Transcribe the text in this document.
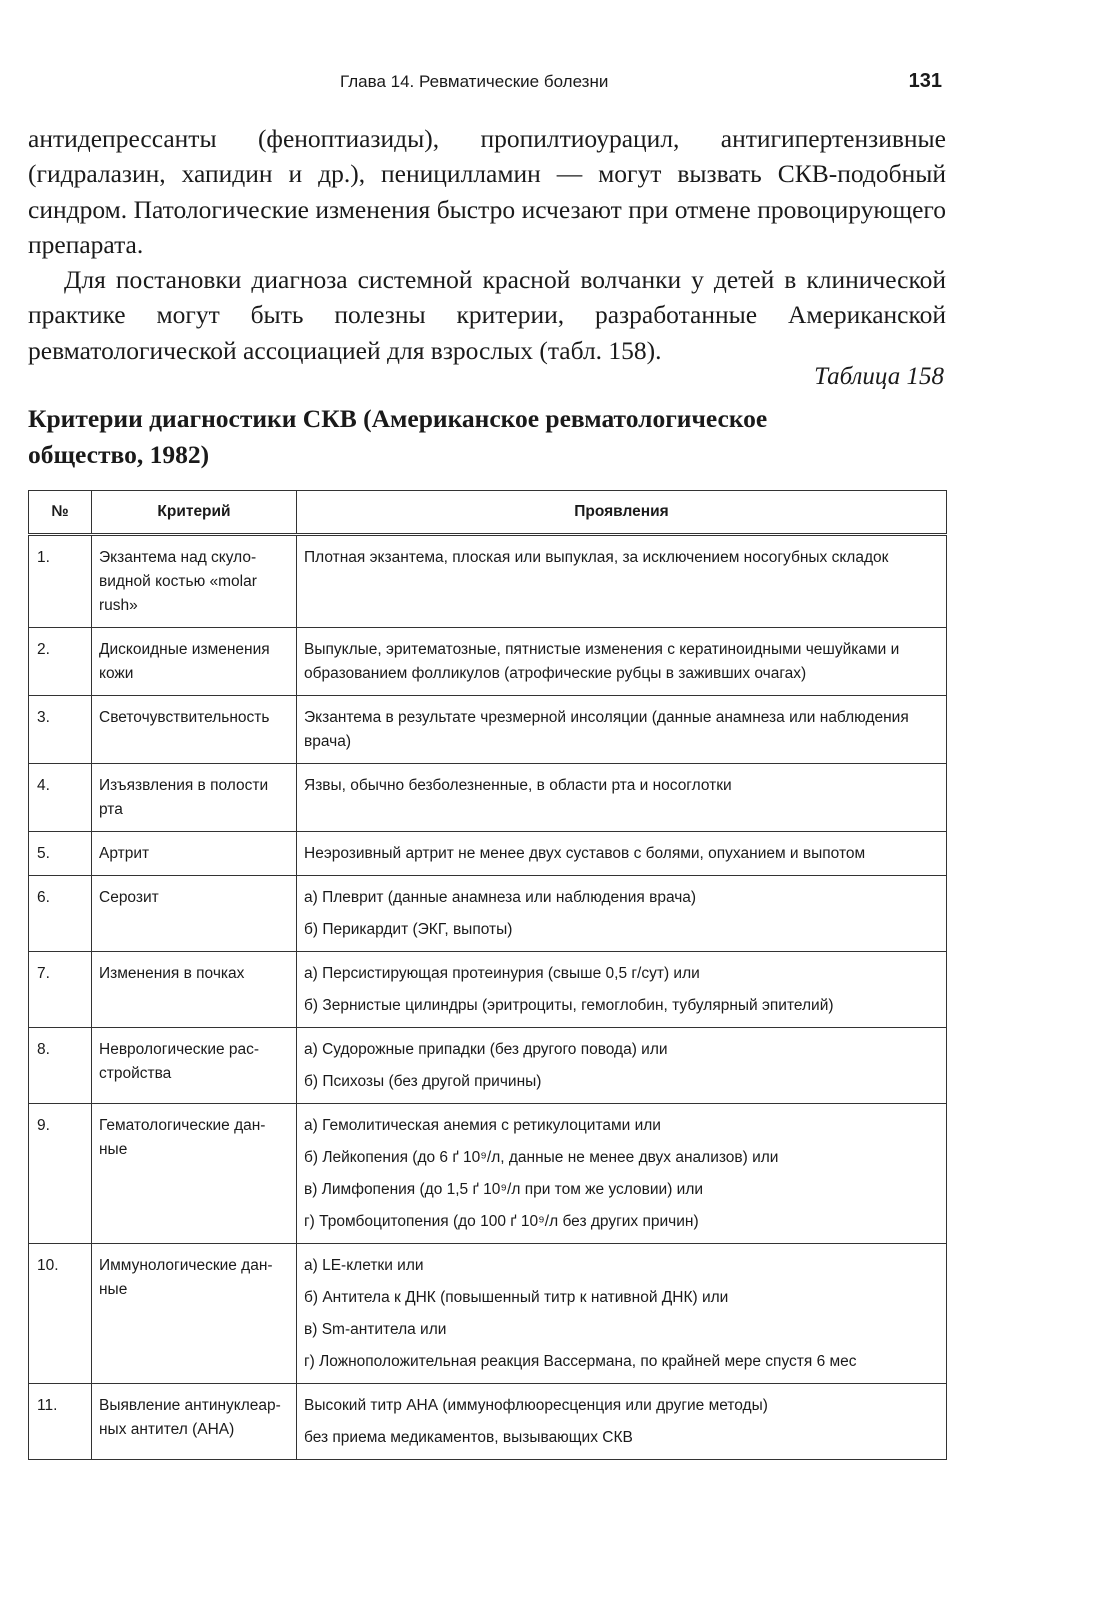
Глава 14. Ревматические болезни	131

антидепрессанты (феноптиазиды), пропилтиоурацил, антигипертензивные (гидралазин, хапидин и др.), пеницилламин — могут вызвать СКВ-подобный синдром. Патологические изменения быстро исчезают при отмене провоцирующего препарата.

Для постановки диагноза системной красной волчанки у детей в клинической практике могут быть полезны критерии, разработанные Американской ревматологической ассоциацией для взрослых (табл. 158).

Таблица 158
Критерии диагностики СКВ (Американское ревматологическое общество, 1982)
№	Критерий	Проявления
1.	Экзантема над скуло-
видной костью «molar
rush»	Плотная экзантема, плоская или выпуклая, за исключением носогубных складок

2.	Дискоидные изменения
кожи	Выпуклые, эритематозные, пятнистые изменения с кератиноидными чешуйками и образованием фолликулов (атрофические рубцы в заживших очагах)

3.	Светочувствительность	Экзантема в результате чрезмерной инсоляции (данные анамнеза или наблюдения врача)

4.	Изъязвления в полости
рта	Язвы, обычно безболезненные, в области рта и носоглотки

5.	Артрит	Неэрозивный артрит не менее двух суставов с болями, опуханием и выпотом

6.	Серозит	а) Плеврит (данные анамнеза или наблюдения врача)
б) Перикардит (ЭКГ, выпоты)

7.	Изменения в почках	а) Персистирующая протеинурия (свыше 0,5 г/сут) или
б) Зернистые цилиндры (эритроциты, гемоглобин, тубулярный эпителий)

8.	Неврологические рас-
стройства	а) Судорожные припадки (без другого повода) или
б) Психозы (без другой причины)

9.	Гематологические дан-
ные	а) Гемолитическая анемия с ретикулоцитами или
б) Лейкопения (до 6 ґ 10⁹/л, данные не менее двух анализов) или
в) Лимфопения (до 1,5 ґ 10⁹/л при том же условии) или
г) Тромбоцитопения (до 100 ґ 10⁹/л без других причин)

10.	Иммунологические дан-
ные	а) LE-клетки или
б) Антитела к ДНК (повышенный титр к нативной ДНК) или
в) Sm-антитела или
г) Ложноположительная реакция Вассермана, по крайней мере спустя 6 мес

11.	Выявление антинуклеар-
ных антител (АНА)	Высокий титр АНА (иммунофлюоресценция или другие методы)
без приема медикаментов, вызывающих СКВ
